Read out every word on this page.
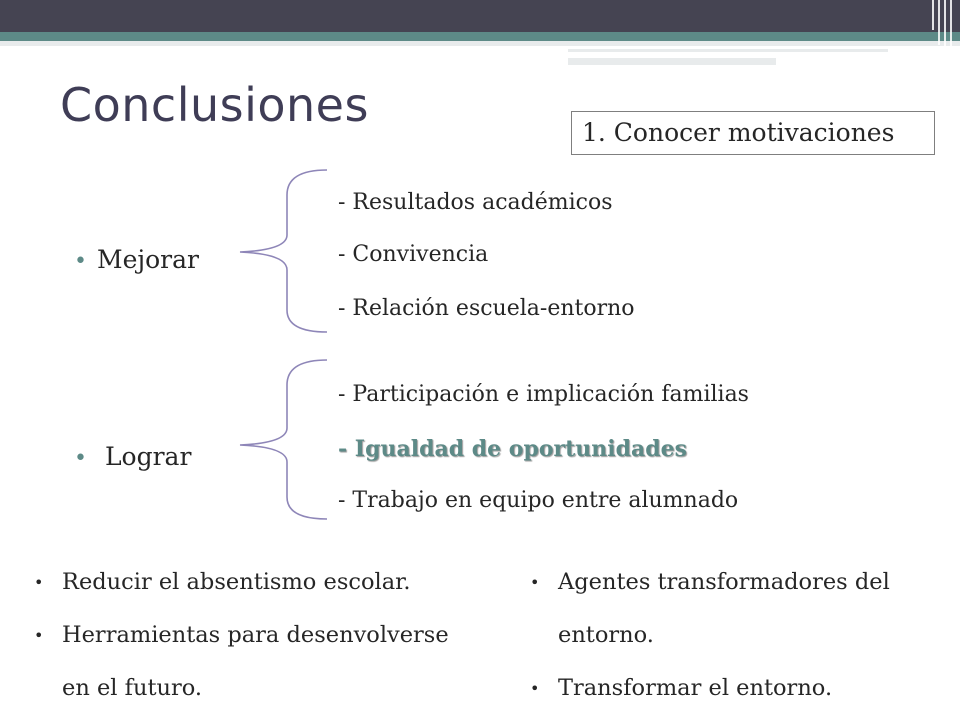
Conclusiones
1. Conocer motivaciones
• Mejorar
- Resultados académicos
- Convivencia
- Relación escuela-entorno
• Lograr
- Participación e implicación familias
- Igualdad de oportunidades
- Trabajo en equipo entre alumnado
• Reducir el absentismo escolar.
• Herramientas para desenvolverse
en el futuro.
• Agentes transformadores del
entorno.
• Transformar el entorno.
